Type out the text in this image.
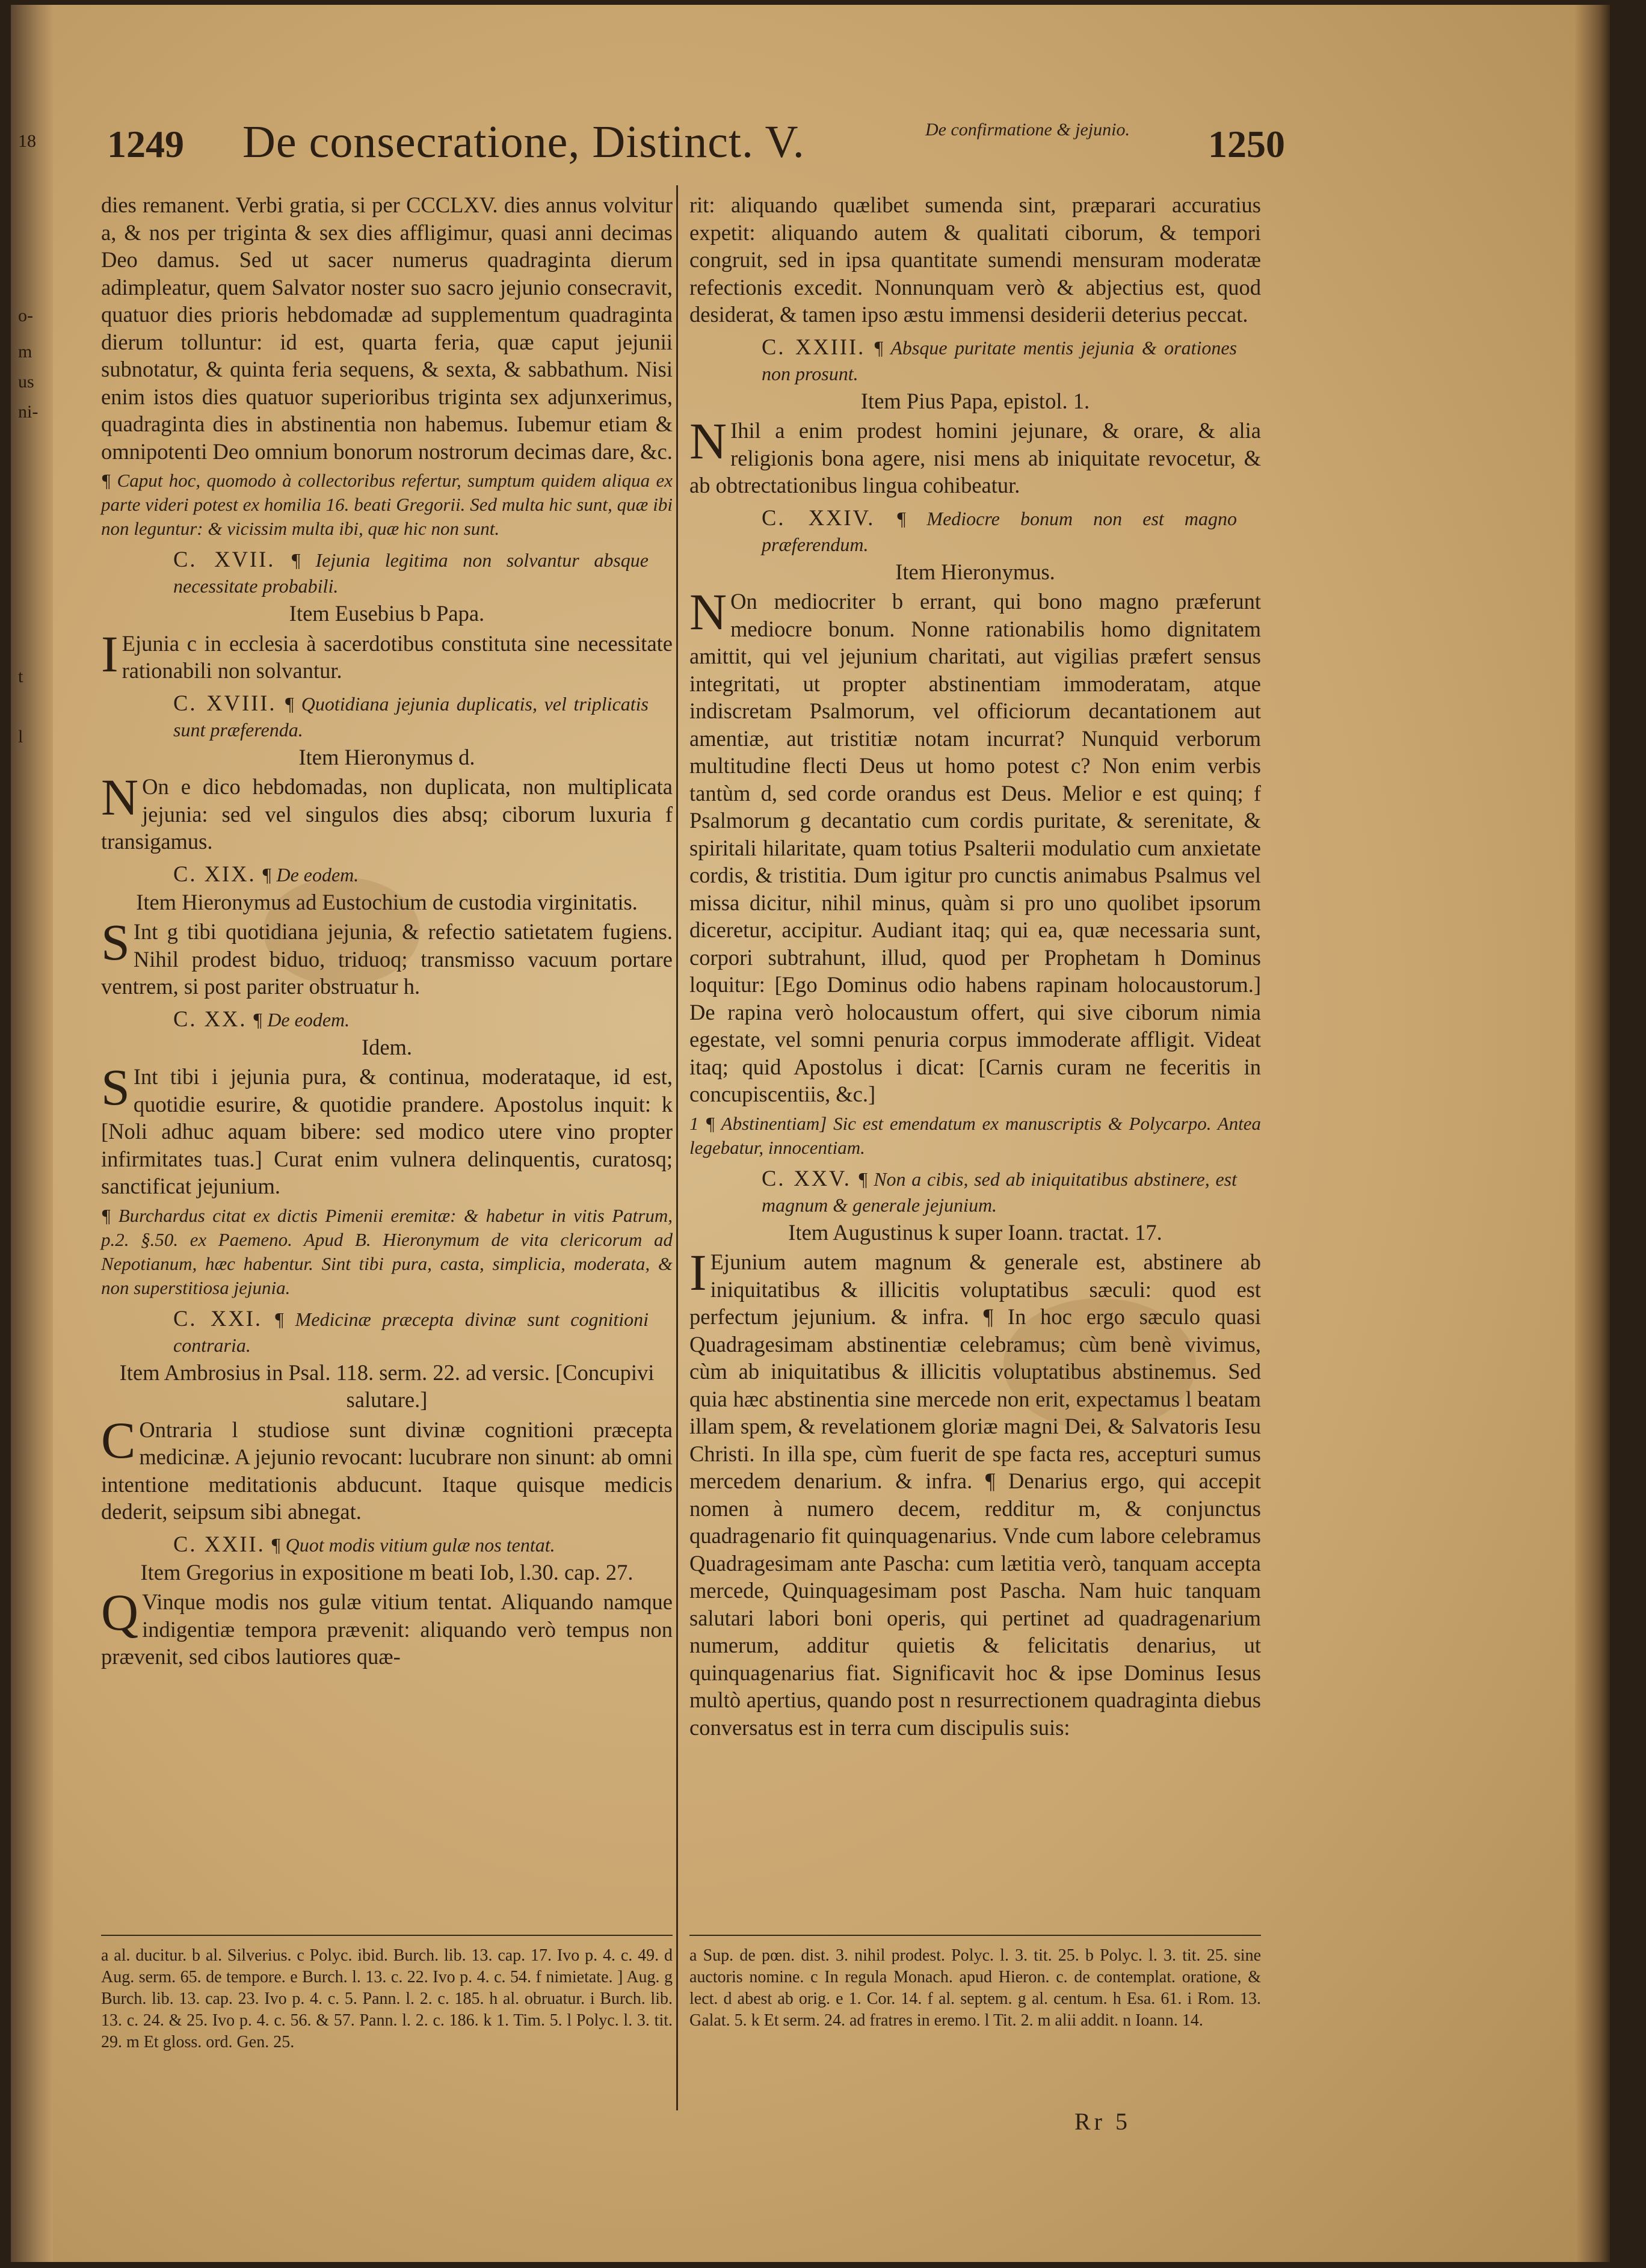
18
o-
m
us
ni-
t
l
1249 De consecratione, Distinct. V.	De confirmatione & jejunio. 1250

dies remanent. Verbi gratia, si per CCCLXV. dies annus volvitur a, & nos per triginta & sex dies affligimur, quasi anni decimas Deo damus. Sed ut sacer numerus quadraginta dierum adimpleatur, quem Salvator noster suo sacro jejunio consecravit, quatuor dies prioris hebdomadæ ad supplementum quadraginta dierum tolluntur: id est, quarta feria, quæ caput jejunii subnotatur, & quinta feria sequens, & sexta, & sabbathum. Nisi enim istos dies quatuor superioribus triginta sex adjunxerimus, quadraginta dies in abstinentia non habemus. Iubemur etiam & omnipotenti Deo omnium bonorum nostrorum decimas dare, &c.

¶ Caput hoc, quomodo à collectoribus refertur, sumptum quidem aliqua ex parte videri potest ex homilia 16. beati Gregorii. Sed multa hic sunt, quæ ibi non leguntur: & vicissim multa ibi, quæ hic non sunt.

C. XVII. ¶ Iejunia legitima non solvantur absque necessitate probabili.

Item Eusebius b Papa.

I Ejunia c in ecclesia à sacerdotibus constituta sine necessitate rationabili non solvantur.

C. XVIII. ¶ Quotidiana jejunia duplicatis, vel triplicatis sunt præferenda.

Item Hieronymus d.

N On e dico hebdomadas, non duplicata, non multiplicata jejunia: sed vel singulos dies absq; ciborum luxuria f transigamus.

C. XIX. ¶ De eodem.

Item Hieronymus ad Eustochium de custodia virginitatis.

S Int g tibi quotidiana jejunia, & refectio satietatem fugiens. Nihil prodest biduo, triduoq; transmisso vacuum portare ventrem, si post pariter obstruatur h.

C. XX. ¶ De eodem.

Idem.

S Int tibi i jejunia pura, & continua, moderataque, id est, quotidie esurire, & quotidie prandere. Apostolus inquit: k [Noli adhuc aquam bibere: sed modico utere vino propter infirmitates tuas.] Curat enim vulnera delinquentis, curatosq; sanctificat jejunium.

¶ Burchardus citat ex dictis Pimenii eremitæ: & habetur in vitis Patrum, p.2. §.50. ex Paemeno. Apud B. Hieronymum de vita clericorum ad Nepotianum, hæc habentur. Sint tibi pura, casta, simplicia, moderata, & non superstitiosa jejunia.

C. XXI. ¶ Medicinæ præcepta divinæ sunt cognitioni contraria.

Item Ambrosius in Psal. 118. serm. 22. ad versic. [Concupivi salutare.]

C Ontraria l studiose sunt divinæ cognitioni præcepta medicinæ. A jejunio revocant: lucubrare non sinunt: ab omni intentione meditationis abducunt. Itaque quisque medicis dederit, seipsum sibi abnegat.

C. XXII. ¶ Quot modis vitium gulæ nos tentat.

Item Gregorius in expositione m beati Iob, l.30. cap. 27.

Q Vinque modis nos gulæ vitium tentat. Aliquando namque indigentiæ tempora prævenit: aliquando verò tempus non prævenit, sed cibos lautiores quæ-

rit: aliquando quælibet sumenda sint, præparari accuratius expetit: aliquando autem & qualitati ciborum, & tempori congruit, sed in ipsa quantitate sumendi mensuram moderatæ refectionis excedit. Nonnunquam verò & abjectius est, quod desiderat, & tamen ipso æstu immensi desiderii deterius peccat.

C. XXIII. ¶ Absque puritate mentis jejunia & orationes non prosunt.

Item Pius Papa, epistol. 1.

N Ihil a enim prodest homini jejunare, & orare, & alia religionis bona agere, nisi mens ab iniquitate revocetur, & ab obtrectationibus lingua cohibeatur.

C. XXIV. ¶ Mediocre bonum non est magno præferendum.

Item Hieronymus.

N On mediocriter b errant, qui bono magno præferunt mediocre bonum. Nonne rationabilis homo dignitatem amittit, qui vel jejunium charitati, aut vigilias præfert sensus integritati, ut propter abstinentiam immoderatam, atque indiscretam Psalmorum, vel officiorum decantationem aut amentiæ, aut tristitiæ notam incurrat? Nunquid verborum multitudine flecti Deus ut homo potest c? Non enim verbis tantùm d, sed corde orandus est Deus. Melior e est quinq; f Psalmorum g decantatio cum cordis puritate, & serenitate, & spiritali hilaritate, quam totius Psalterii modulatio cum anxietate cordis, & tristitia. Dum igitur pro cunctis animabus Psalmus vel missa dicitur, nihil minus, quàm si pro uno quolibet ipsorum diceretur, accipitur. Audiant itaq; qui ea, quæ necessaria sunt, corpori subtrahunt, illud, quod per Prophetam h Dominus loquitur: [Ego Dominus odio habens rapinam holocaustorum.] De rapina verò holocaustum offert, qui sive ciborum nimia egestate, vel somni penuria corpus immoderate affligit. Videat itaq; quid Apostolus i dicat: [Carnis curam ne feceritis in concupiscentiis, &c.]

1 ¶ Abstinentiam] Sic est emendatum ex manuscriptis & Polycarpo. Antea legebatur, innocentiam.

C. XXV. ¶ Non a cibis, sed ab iniquitatibus abstinere, est magnum & generale jejunium.

Item Augustinus k super Ioann. tractat. 17.

I Ejunium autem magnum & generale est, abstinere ab iniquitatibus & illicitis voluptatibus sæculi: quod est perfectum jejunium. & infra. ¶ In hoc ergo sæculo quasi Quadragesimam abstinentiæ celebramus; cùm benè vivimus, cùm ab iniquitatibus & illicitis voluptatibus abstinemus. Sed quia hæc abstinentia sine mercede non erit, expectamus l beatam illam spem, & revelationem gloriæ magni Dei, & Salvatoris Iesu Christi. In illa spe, cùm fuerit de spe facta res, accepturi sumus mercedem denarium. & infra. ¶ Denarius ergo, qui accepit nomen à numero decem, redditur m, & conjunctus quadragenario fit quinquagenarius. Vnde cum labore celebramus Quadragesimam ante Pascha: cum lætitia verò, tanquam accepta mercede, Quinquagesimam post Pascha. Nam huic tanquam salutari labori boni operis, qui pertinet ad quadragenarium numerum, additur quietis & felicitatis denarius, ut quinquagenarius fiat. Significavit hoc & ipse Dominus Iesus multò apertius, quando post n resurrectionem quadraginta diebus conversatus est in terra cum discipulis suis:

a al. ducitur. b al. Silverius. c Polyc. ibid. Burch. lib. 13. cap. 17. Ivo p. 4. c. 49. d Aug. serm. 65. de tempore. e Burch. l. 13. c. 22. Ivo p. 4. c. 54. f nimietate. ] Aug. g Burch. lib. 13. cap. 23. Ivo p. 4. c. 5. Pann. l. 2. c. 185. h al. obruatur. i Burch. lib. 13. c. 24. & 25. Ivo p. 4. c. 56. & 57. Pann. l. 2. c. 186. k 1. Tim. 5. l Polyc. l. 3. tit. 29. m Et gloss. ord. Gen. 25.

a Sup. de pœn. dist. 3. nihil prodest. Polyc. l. 3. tit. 25. b Polyc. l. 3. tit. 25. sine auctoris nomine. c In regula Monach. apud Hieron. c. de contemplat. oratione, & lect. d abest ab orig. e 1. Cor. 14. f al. septem. g al. centum. h Esa. 61. i Rom. 13. Galat. 5. k Et serm. 24. ad fratres in eremo. l Tit. 2. m alii addit. n Ioann. 14.

Rr 5
